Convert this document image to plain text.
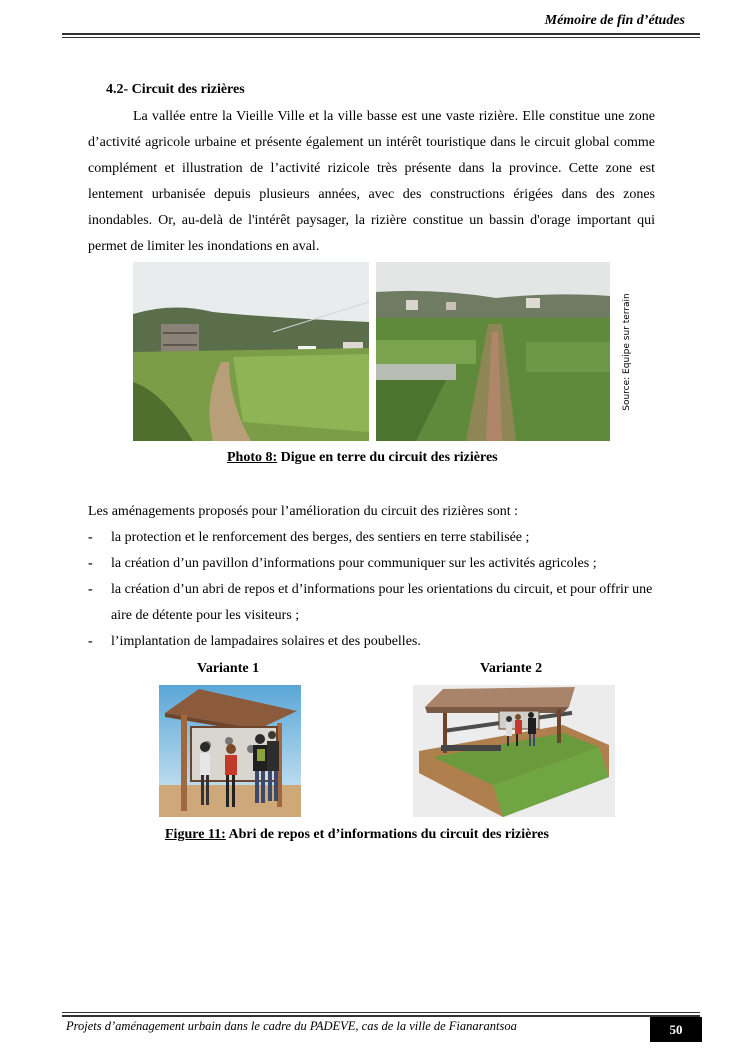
Mémoire de fin d’études
4.2- Circuit des rizières

La vallée entre la Vieille Ville et la ville basse est une vaste rizière. Elle constitue une zone d’activité agricole urbaine et présente également un intérêt touristique dans le circuit global comme complément et illustration de l’activité rizicole très présente dans la province. Cette zone est lentement urbanisée depuis plusieurs années, avec des constructions érigées dans des zones inondables. Or, au-delà de l'intérêt paysager, la rizière constitue un bassin d'orage important qui permet de limiter les inondations en aval.

Source: Equipe sur terrain
Photo 8: Digue en terre du circuit des rizières
Les aménagements proposés pour l’amélioration du circuit des rizières sont :
- la protection et le renforcement des berges, des sentiers en terre stabilisée ;
- la création d’un pavillon d’informations pour communiquer sur les activités agricoles ;
- la création d’un abri de repos et d’informations pour les orientations du circuit, et pour offrir une aire de détente pour les visiteurs ;
- l’implantation de lampadaires solaires et des poubelles.
Variante 1	Variante 2
Figure 11: Abri de repos et d’informations du circuit des rizières
Projets d’aménagement urbain dans le cadre du PADEVE, cas de la ville de Fianarantsoa	50
